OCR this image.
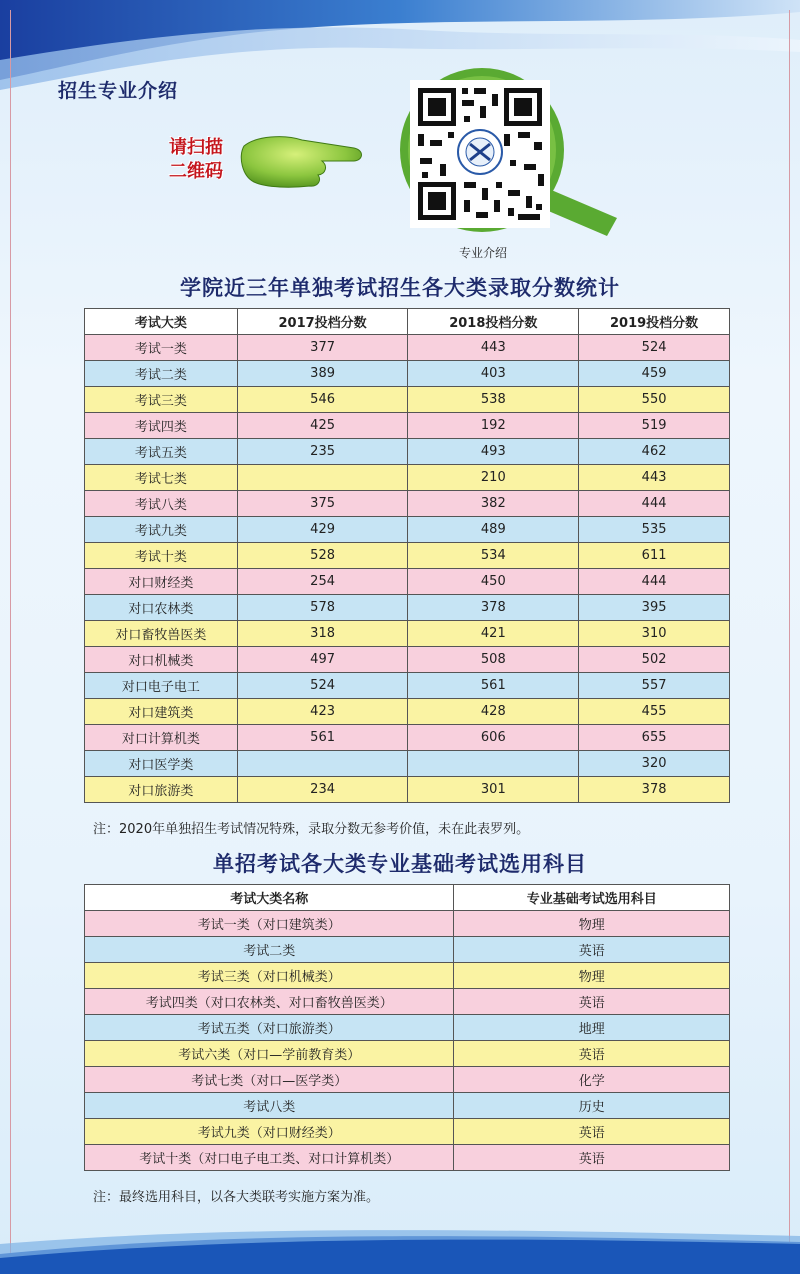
招生专业介绍
请扫描
二维码
专业介绍
学院近三年单独考试招生各大类录取分数统计
考试大类	2017投档分数	2018投档分数	2019投档分数
考试一类	377	443	524
考试二类	389	403	459
考试三类	546	538	550
考试四类	425	192	519
考试五类	235	493	462
考试七类		210	443
考试八类	375	382	444
考试九类	429	489	535
考试十类	528	534	611
对口财经类	254	450	444
对口农林类	578	378	395
对口畜牧兽医类	318	421	310
对口机械类	497	508	502
对口电子电工	524	561	557
对口建筑类	423	428	455
对口计算机类	561	606	655
对口医学类			320
对口旅游类	234	301	378
注：2020年单独招生考试情况特殊，录取分数无参考价值，未在此表罗列。
单招考试各大类专业基础考试选用科目
考试大类名称	专业基础考试选用科目
考试一类（对口建筑类）	物理
考试二类	英语
考试三类（对口机械类）	物理
考试四类（对口农林类、对口畜牧兽医类）	英语
考试五类（对口旅游类）	地理
考试六类（对口—学前教育类）	英语
考试七类（对口—医学类）	化学
考试八类	历史
考试九类（对口财经类）	英语
考试十类（对口电子电工类、对口计算机类）	英语
注：最终选用科目，以各大类联考实施方案为准。
